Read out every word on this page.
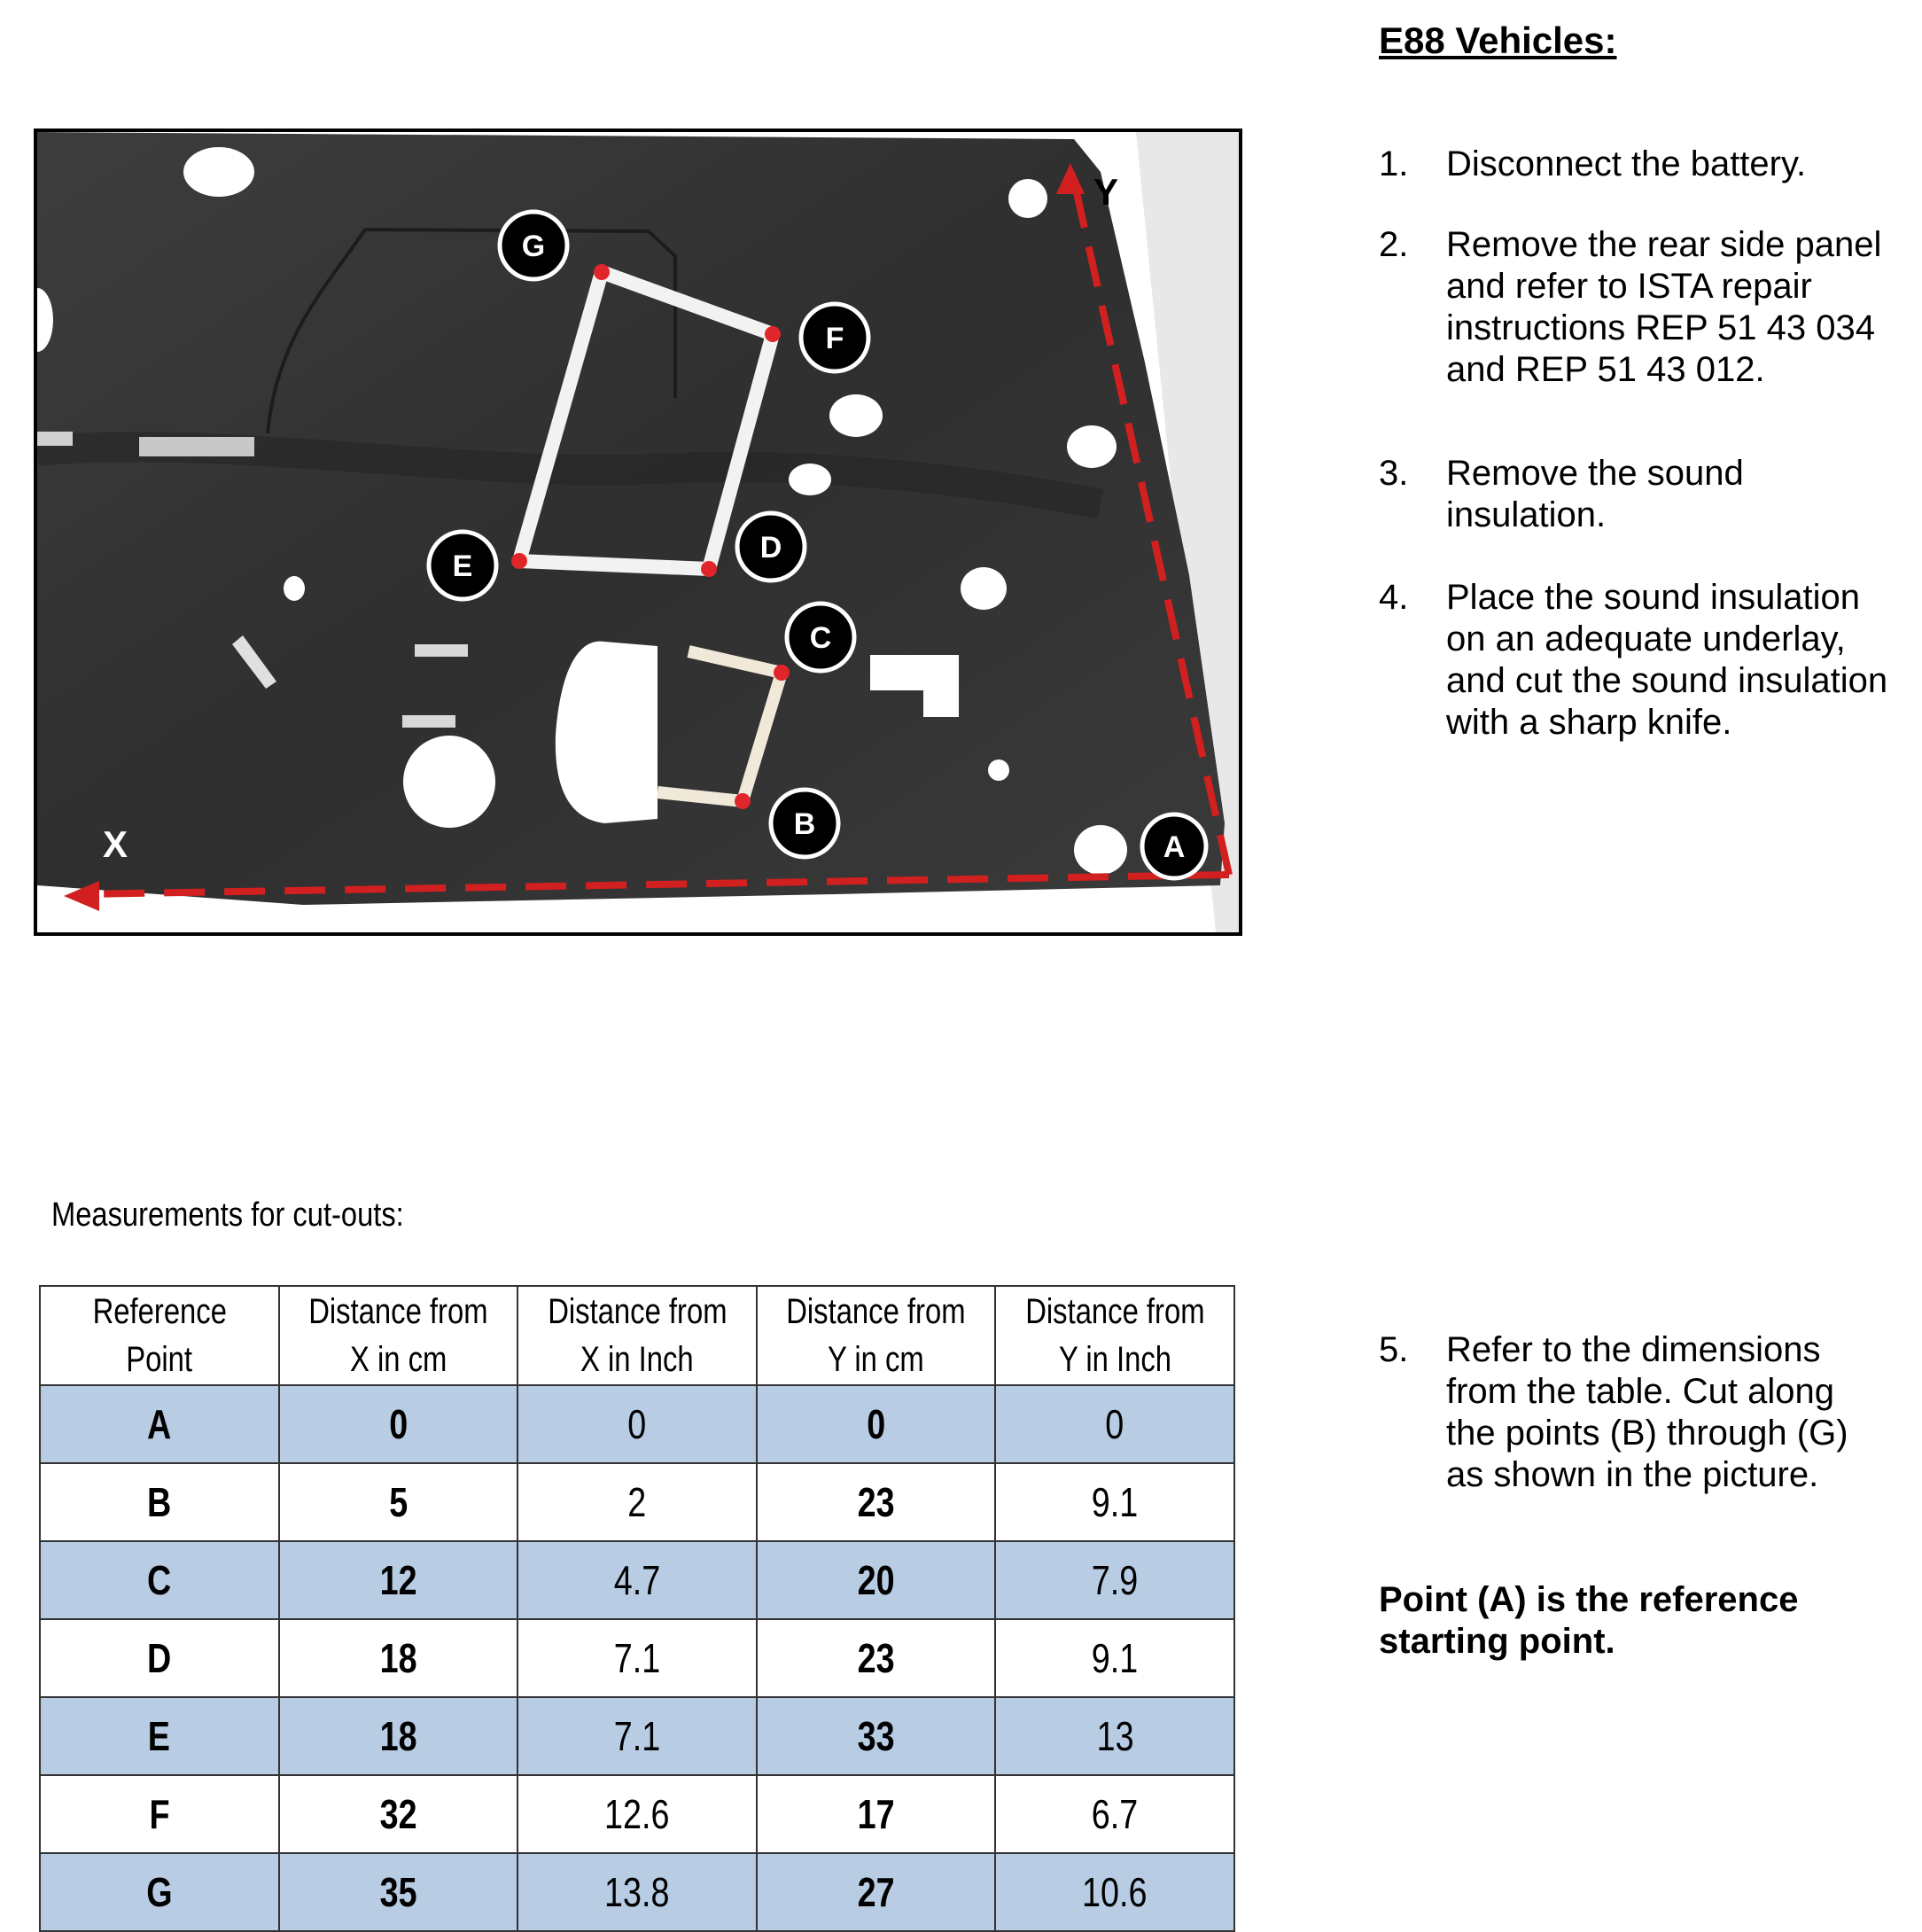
E88 Vehicles:
1. Disconnect the battery.
2. Remove the rear side panel and refer to ISTA repair instructions REP 51 43 034 and REP 51 43 012.
3. Remove the sound insulation.
4. Place the sound insulation on an adequate underlay, and cut the sound insulation with a sharp knife.
5. Refer to the dimensions from the table. Cut along the points (B) through (G) as shown in the picture.

Point (A) is the reference starting point.

X
Y
A
B
C
D
E
F
G

Measurements for cut-outs:

Reference
Point	Distance from
X in cm	Distance from
X in Inch	Distance from
Y in cm	Distance from
Y in Inch
A	0	0	0	0
B	5	2	23	9.1
C	12	4.7	20	7.9
D	18	7.1	23	9.1
E	18	7.1	33	13
F	32	12.6	17	6.7
G	35	13.8	27	10.6
